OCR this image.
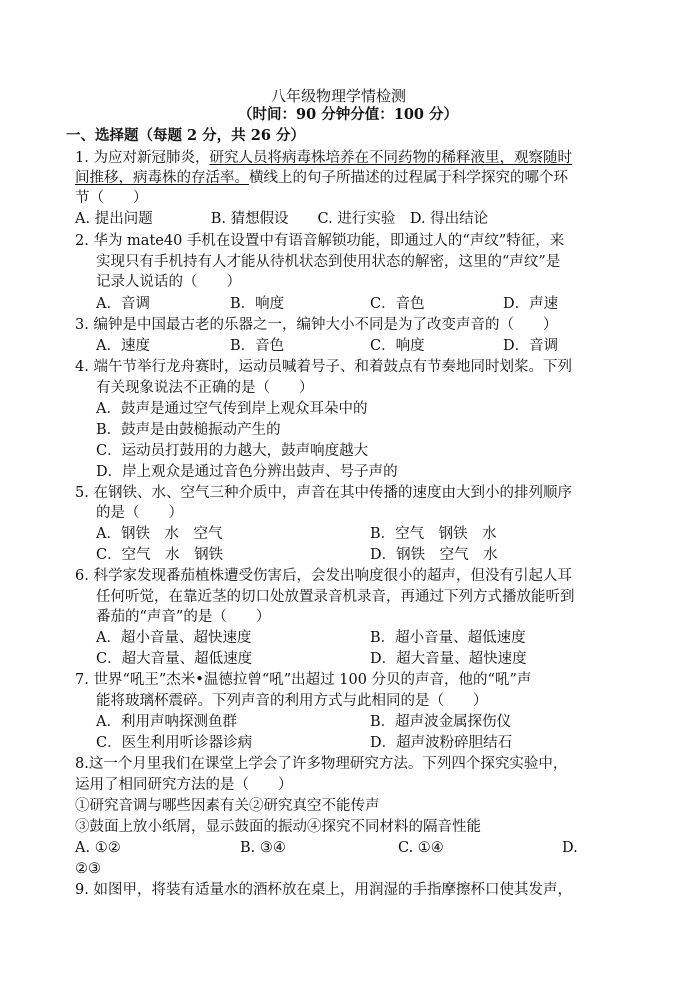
八年级物理学情检测
（时间：90 分钟分值：100 分）
一、选择题（每题 2 分，共 26 分）
1. 为应对新冠肺炎，研究人员将病毒株培养在不同药物的稀释液里，观察随时
间推移，病毒株的存活率。横线上的句子所描述的过程属于科学探究的哪个环
节（　　）
A. 提出问题　　　　B. 猜想假设　　C. 进行实验　D. 得出结论
2. 华为 mate40 手机在设置中有语音解锁功能，即通过人的“声纹”特征，来
实现只有手机持有人才能从待机状态到使用状态的解密，这里的“声纹”是
记录人说话的（　　）
A．音调	B．响度	C．音色	D．声速
3. 编钟是中国最古老的乐器之一，编钟大小不同是为了改变声音的（　　）
A．速度	B．音色	C．响度	D．音调
4. 端午节举行龙舟赛时，运动员喊着号子、和着鼓点有节奏地同时划桨。下列
有关现象说法不正确的是（　　）
A．鼓声是通过空气传到岸上观众耳朵中的
B．鼓声是由鼓槌振动产生的
C．运动员打鼓用的力越大，鼓声响度越大
D．岸上观众是通过音色分辨出鼓声、号子声的
5. 在钢铁、水、空气三种介质中，声音在其中传播的速度由大到小的排列顺序
的是（　　）
A．钢铁　水　空气	B．空气　钢铁　水
C．空气　水　钢铁	D．钢铁　空气　水
6. 科学家发现番茄植株遭受伤害后，会发出响度很小的超声，但没有引起人耳
任何听觉，在靠近茎的切口处放置录音机录音，再通过下列方式播放能听到
番茄的“声音”的是（　　）
A．超小音量、超快速度	B．超小音量、超低速度
C．超大音量、超低速度	D．超大音量、超快速度
7. 世界“吼王”杰米•温德拉曾“吼”出超过 100 分贝的声音，他的“吼”声
能将玻璃杯震碎。下列声音的利用方式与此相同的是（　　）
A．利用声呐探测鱼群	B．超声波金属探伤仪
C．医生利用听诊器诊病	D．超声波粉碎胆结石
8.这一个月里我们在课堂上学会了许多物理研究方法。下列四个探究实验中，
运用了相同研究方法的是（　　）
①研究音调与哪些因素有关②研究真空不能传声
③鼓面上放小纸屑，显示鼓面的振动④探究不同材料的隔音性能
A. ①②	B. ③④	C. ①④	D.
②③
9. 如图甲，将装有适量水的酒杯放在桌上，用润湿的手指摩擦杯口使其发声，
